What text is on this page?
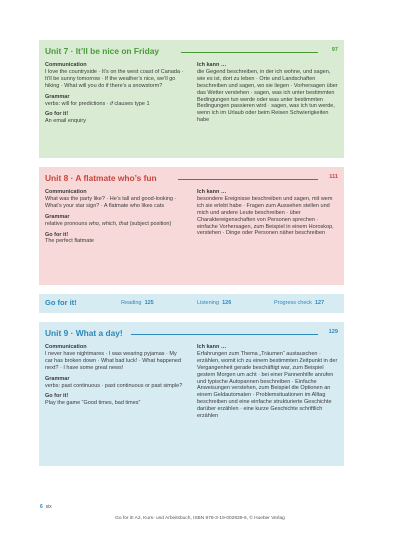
Unit 7 · It’ll be nice on Friday	97
Communication
I love the countryside · It’s on the west coast of Canada · It’ll be sunny tomorrow · If the weather’s nice, we’ll go hiking · What will you do if there’s a snowstorm?
Grammar
verbs: will for predictions · if clauses type 1
Go for it!
An email enquiry
Ich kann …
die Gegend beschreiben, in der ich wohne, und sagen, wie es ist, dort zu leben · Orte und Landschaften beschreiben und sagen, wo sie liegen · Vorhersagen über das Wetter verstehen · sagen, was ich unter bestimmten Bedingungen tun werde oder was unter bestimmten Bedingungen passieren wird · sagen, was ich tun werde, wenn ich im Urlaub oder beim Reisen Schwierigkeiten habe
Unit 8 · A flatmate who’s fun	111
Communication
What was the party like? · He’s tall and good-looking · What’s your star sign? · A flatmate who likes cats
Grammar
relative pronouns who, which, that (subject position)
Go for it!
The perfect flatmate
Ich kann …
besondere Ereignisse beschreiben und sagen, mit wem ich sie erlebt habe · Fragen zum Aussehen stellen und mich und andere Leute beschreiben · über Charaktereigenschaften von Personen sprechen · einfache Vorhersagen, zum Beispiel in einem Horoskop, verstehen · Dinge oder Personen näher beschreiben
Go for it!	Reading 125	Listening 126	Progress check 127
Unit 9 · What a day!	129
Communication
I never have nightmares · I was wearing pyjamas · My car has broken down · What bad luck! · What happened next? · I have some great news!
Grammar
verbs: past continuous · past continuous or past simple?
Go for it!
Play the game “Good times, bad times”
Ich kann …
Erfahrungen zum Thema „Träumen“ austauschen · erzählen, womit ich zu einem bestimmten Zeitpunkt in der Vergangenheit gerade beschäftigt war, zum Beispiel gestern Morgen um acht · bei einer Pannenhilfe anrufen und typische Autopannen beschreiben · Einfache Anweisungen verstehen, zum Beispiel die Optionen an einem Geldautomaten · Problemsituationen im Alltag beschreiben und eine einfache strukturierte Geschichte darüber erzählen · eine kurze Geschichte schriftlich erzählen
6 six
Go for it! A2, Kurs- und Arbeitsbuch, ISBN 978-3-19-002939-6, © Hueber Verlag
